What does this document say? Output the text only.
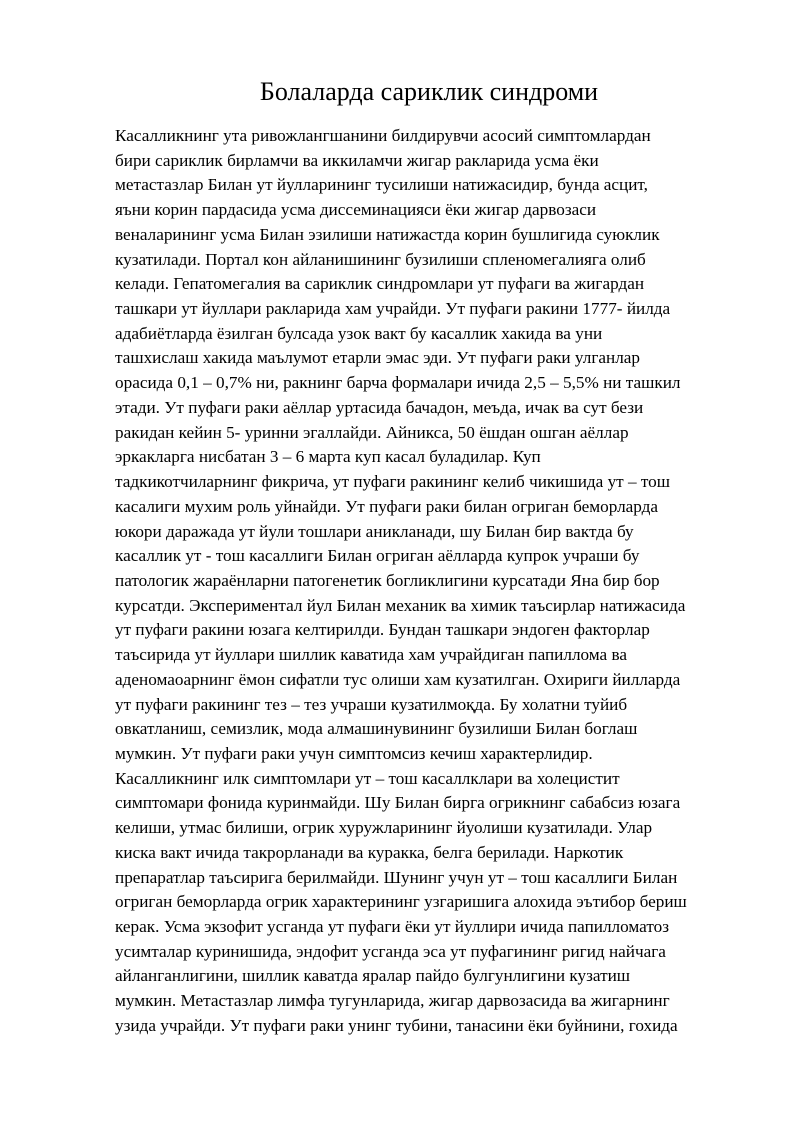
Болаларда сариклик синдроми
Касалликнинг ута ривожлангшанини билдирувчи асосий симптомлардан
бири сариклик бирламчи ва иккиламчи жигар ракларида усма ёки
метастазлар Билан ут йулларининг тусилиши натижасидир, бунда асцит,
яъни корин пардасида усма диссеминацияси ёки жигар дарвозаси
веналарининг усма Билан эзилиши натижастда корин бушлигида суюклик
кузатилади. Портал кон айланишининг бузилиши спленомегалияга олиб
келади. Гепатомегалия ва сариклик синдромлари ут пуфаги ва жигардан
ташкари ут йуллари ракларида хам учрайди. Ут пуфаги ракини 1777- йилда
адабиётларда ёзилган булсада узок вакт бу касаллик хакида ва уни
ташхислаш хакида маълумот етарли эмас эди. Ут пуфаги раки улганлар
орасида 0,1 – 0,7% ни, ракнинг барча формалари ичида 2,5 – 5,5% ни ташкил
этади. Ут пуфаги раки аёллар уртасида бачадон, меъда, ичак ва сут бези
ракидан кейин 5- уринни эгаллайди. Айникса, 50 ёшдан ошган аёллар
эркакларга нисбатан 3 – 6 марта куп касал буладилар. Куп
тадкикотчиларнинг фикрича, ут пуфаги ракининг келиб чикишида ут – тош
касалиги мухим роль уйнайди. Ут пуфаги раки билан огриган беморларда
юкори даражада ут йули тошлари аникланади, шу Билан бир вактда бу
касаллик ут - тош касаллиги Билан огриган аёлларда купрок учраши бу
патологик жараёнларни патогенетик богликлигини курсатади Яна бир бор
курсатди. Экспериментал йул Билан механик ва химик таъсирлар натижасида
ут пуфаги ракини юзага келтирилди. Бундан ташкари эндоген факторлар
таъсирида ут йуллари шиллик каватида хам учрайдиган папиллома ва
аденомаоарнинг ёмон сифатли тус олиши хам кузатилган. Охириги йилларда
ут пуфаги ракининг тез – тез учраши кузатилмоқда. Бу холатни туйиб
овкатланиш, семизлик, мода алмашинувининг бузилиши Билан боглаш
мумкин. Ут пуфаги раки учун симптомсиз кечиш характерлидир.
Касалликнинг илк симптомлари ут – тош касаллклари ва холецистит
симптомари фонида куринмайди. Шу Билан бирга огрикнинг сабабсиз юзага
келиши, утмас билиши, огрик хуружларининг йуолиши кузатилади. Улар
киска вакт ичида такрорланади ва куракка, белга берилади. Наркотик
препаратлар таъсирига берилмайди. Шунинг учун ут – тош касаллиги Билан
огриган беморларда огрик характерининг узгаришига алохида эътибор бериш
керак. Усма экзофит усганда ут пуфаги ёки ут йуллири ичида папилломатоз
усимталар куринишида, эндофит усганда эса ут пуфагининг ригид найчага
айланганлигини, шиллик каватда яралар пайдо булгунлигини кузатиш
мумкин. Метастазлар лимфа тугунларида, жигар дарвозасида ва жигарнинг
узида учрайди. Ут пуфаги раки унинг тубини, танасини ёки буйнини, гохида
